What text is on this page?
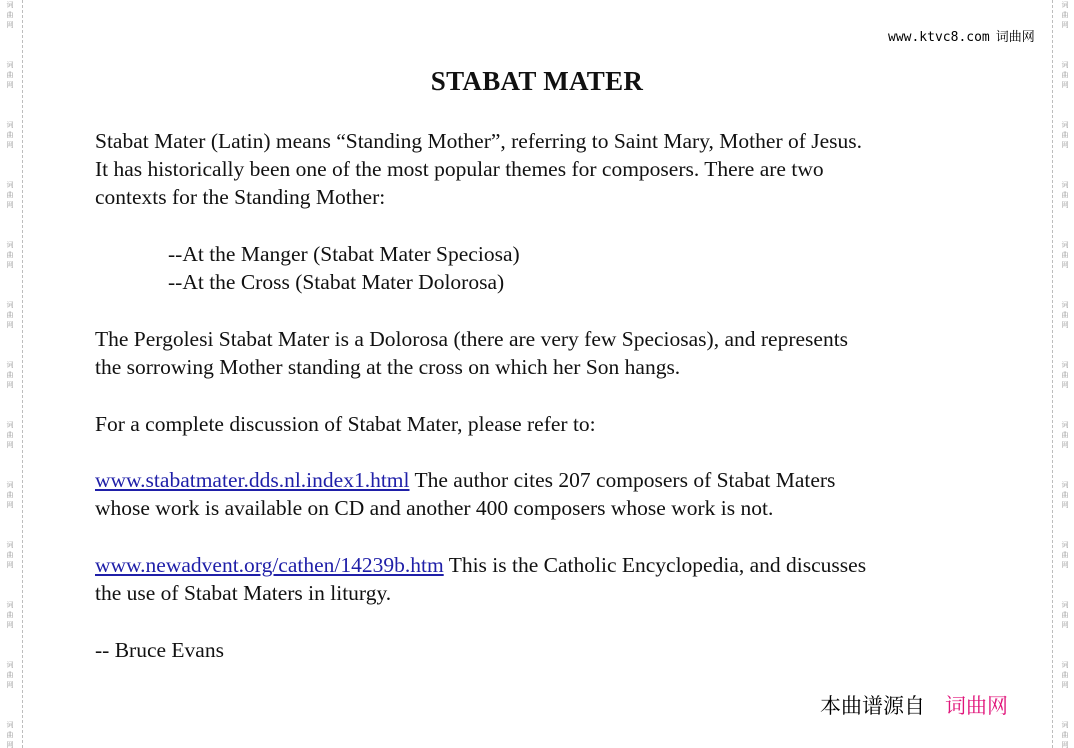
词
曲
网
词
曲
网
词
曲
网
词
曲
网
词
曲
网
词
曲
网
词
曲
网
词
曲
网
词
曲
网
词
曲
网
词
曲
网
词
曲
网
词
曲
网
词
曲
网
词
曲
网
词
曲
网
词
曲
网
词
曲
网
词
曲
网
词
曲
网
词
曲
网
词
曲
网
词
曲
网
词
曲
网
词
曲
网
词
曲
网
www.ktvc8.com 词曲网
STABAT MATER

Stabat Mater (Latin) means “Standing Mother”, referring to Saint Mary, Mother of Jesus.

It has historically been one of the most popular themes for composers. There are two

contexts for the Standing Mother:

--At the Manger (Stabat Mater Speciosa)

--At the Cross (Stabat Mater Dolorosa)

The Pergolesi Stabat Mater is a Dolorosa (there are very few Speciosas), and represents

the sorrowing Mother standing at the cross on which her Son hangs.

For a complete discussion of Stabat Mater, please refer to:

www.stabatmater.dds.nl.index1.html The author cites 207 composers of Stabat Maters

whose work is available on CD and another 400 composers whose work is not.

www.newadvent.org/cathen/14239b.htm This is the Catholic Encyclopedia, and discusses

the use of Stabat Maters in liturgy.

-- Bruce Evans
本曲谱源自 词曲网
